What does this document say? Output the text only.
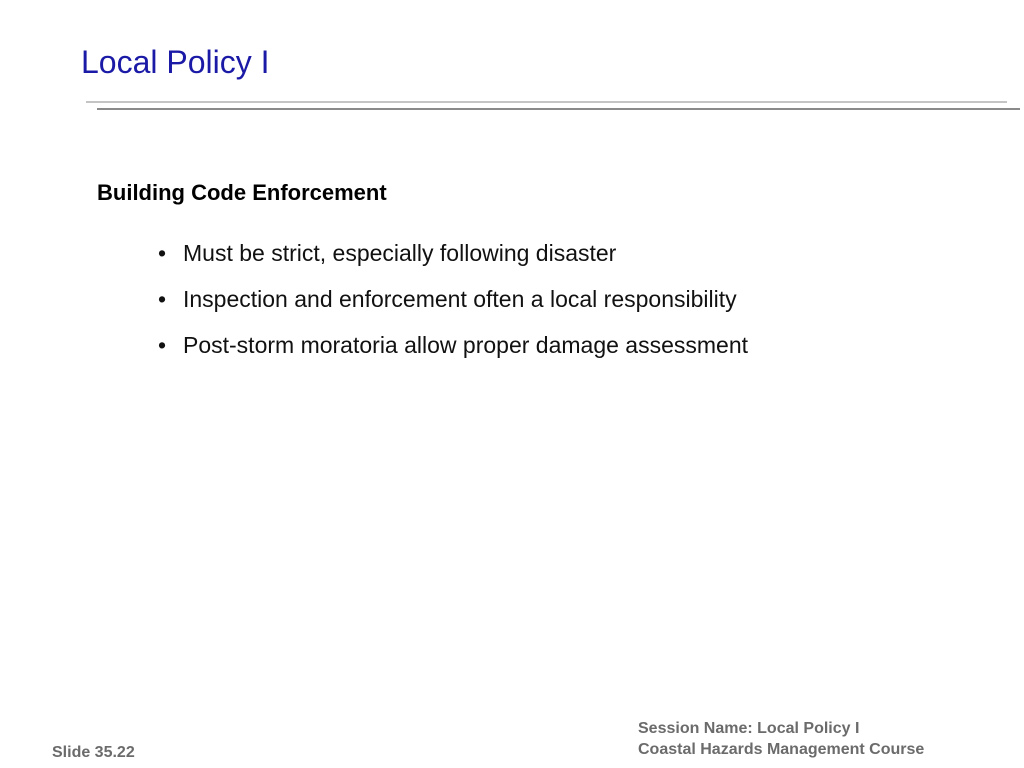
Local Policy I
Building Code Enforcement
• Must be strict, especially following disaster
• Inspection and enforcement often a local responsibility
• Post-storm moratoria allow proper damage assessment
Slide 35.22
Session Name: Local Policy I
Coastal Hazards Management Course
